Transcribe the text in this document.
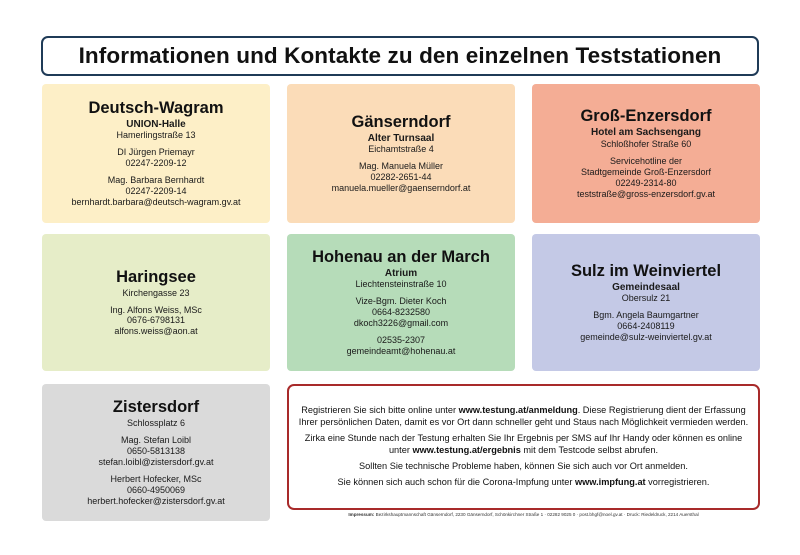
Informationen und Kontakte zu den einzelnen Teststationen
Deutsch-Wagram
UNION-Halle
Hamerlingstraße 13
DI Jürgen Priemayr
02247-2209-12
Mag. Barbara Bernhardt
02247-2209-14
bernhardt.barbara@deutsch-wagram.gv.at
Gänserndorf
Alter Turnsaal
Eichamtstraße 4
Mag. Manuela Müller
02282-2651-44
manuela.mueller@gaenserndorf.at
Groß-Enzersdorf
Hotel am Sachsengang
Schloßhofer Straße 60
Servicehotline der
Stadtgemeinde Groß-Enzersdorf
02249-2314-80
teststraße@gross-enzersdorf.gv.at
Haringsee
Kirchengasse 23
Ing. Alfons Weiss, MSc
0676-6798131
alfons.weiss@aon.at
Hohenau an der March
Atrium
Liechtensteinstraße 10
Vize-Bgm. Dieter Koch
0664-8232580
dkoch3226@gmail.com
02535-2307
gemeindeamt@hohenau.at
Sulz im Weinviertel
Gemeindesaal
Obersulz 21
Bgm. Angela Baumgartner
0664-2408119
gemeinde@sulz-weinviertel.gv.at
Zistersdorf
Schlossplatz 6
Mag. Stefan Loibl
0650-5813138
stefan.loibl@zistersdorf.gv.at
Herbert Hofecker, MSc
0660-4950069
herbert.hofecker@zistersdorf.gv.at

Registrieren Sie sich bitte online unter www.testung.at/anmeldung. Diese Registrierung dient der Erfassung Ihrer persönlichen Daten, damit es vor Ort dann schneller geht und Staus nach Möglichkeit vermieden werden.

Zirka eine Stunde nach der Testung erhalten Sie Ihr Ergebnis per SMS auf Ihr Handy oder können es online unter www.testung.at/ergebnis mit dem Testcode selbst abrufen.

Sollten Sie technische Probleme haben, können Sie sich auch vor Ort anmelden.

Sie können sich auch schon für die Corona-Impfung unter www.impfung.at vorregistrieren.

Impressum: Bezirkshauptmannschaft Gänserndorf, 2230 Gänserndorf, Schönkirchner Straße 1 · 02282 9025 0 · post.bhgf@noel.gv.at · Druck: Riedeldruck, 2214 Auersthal
